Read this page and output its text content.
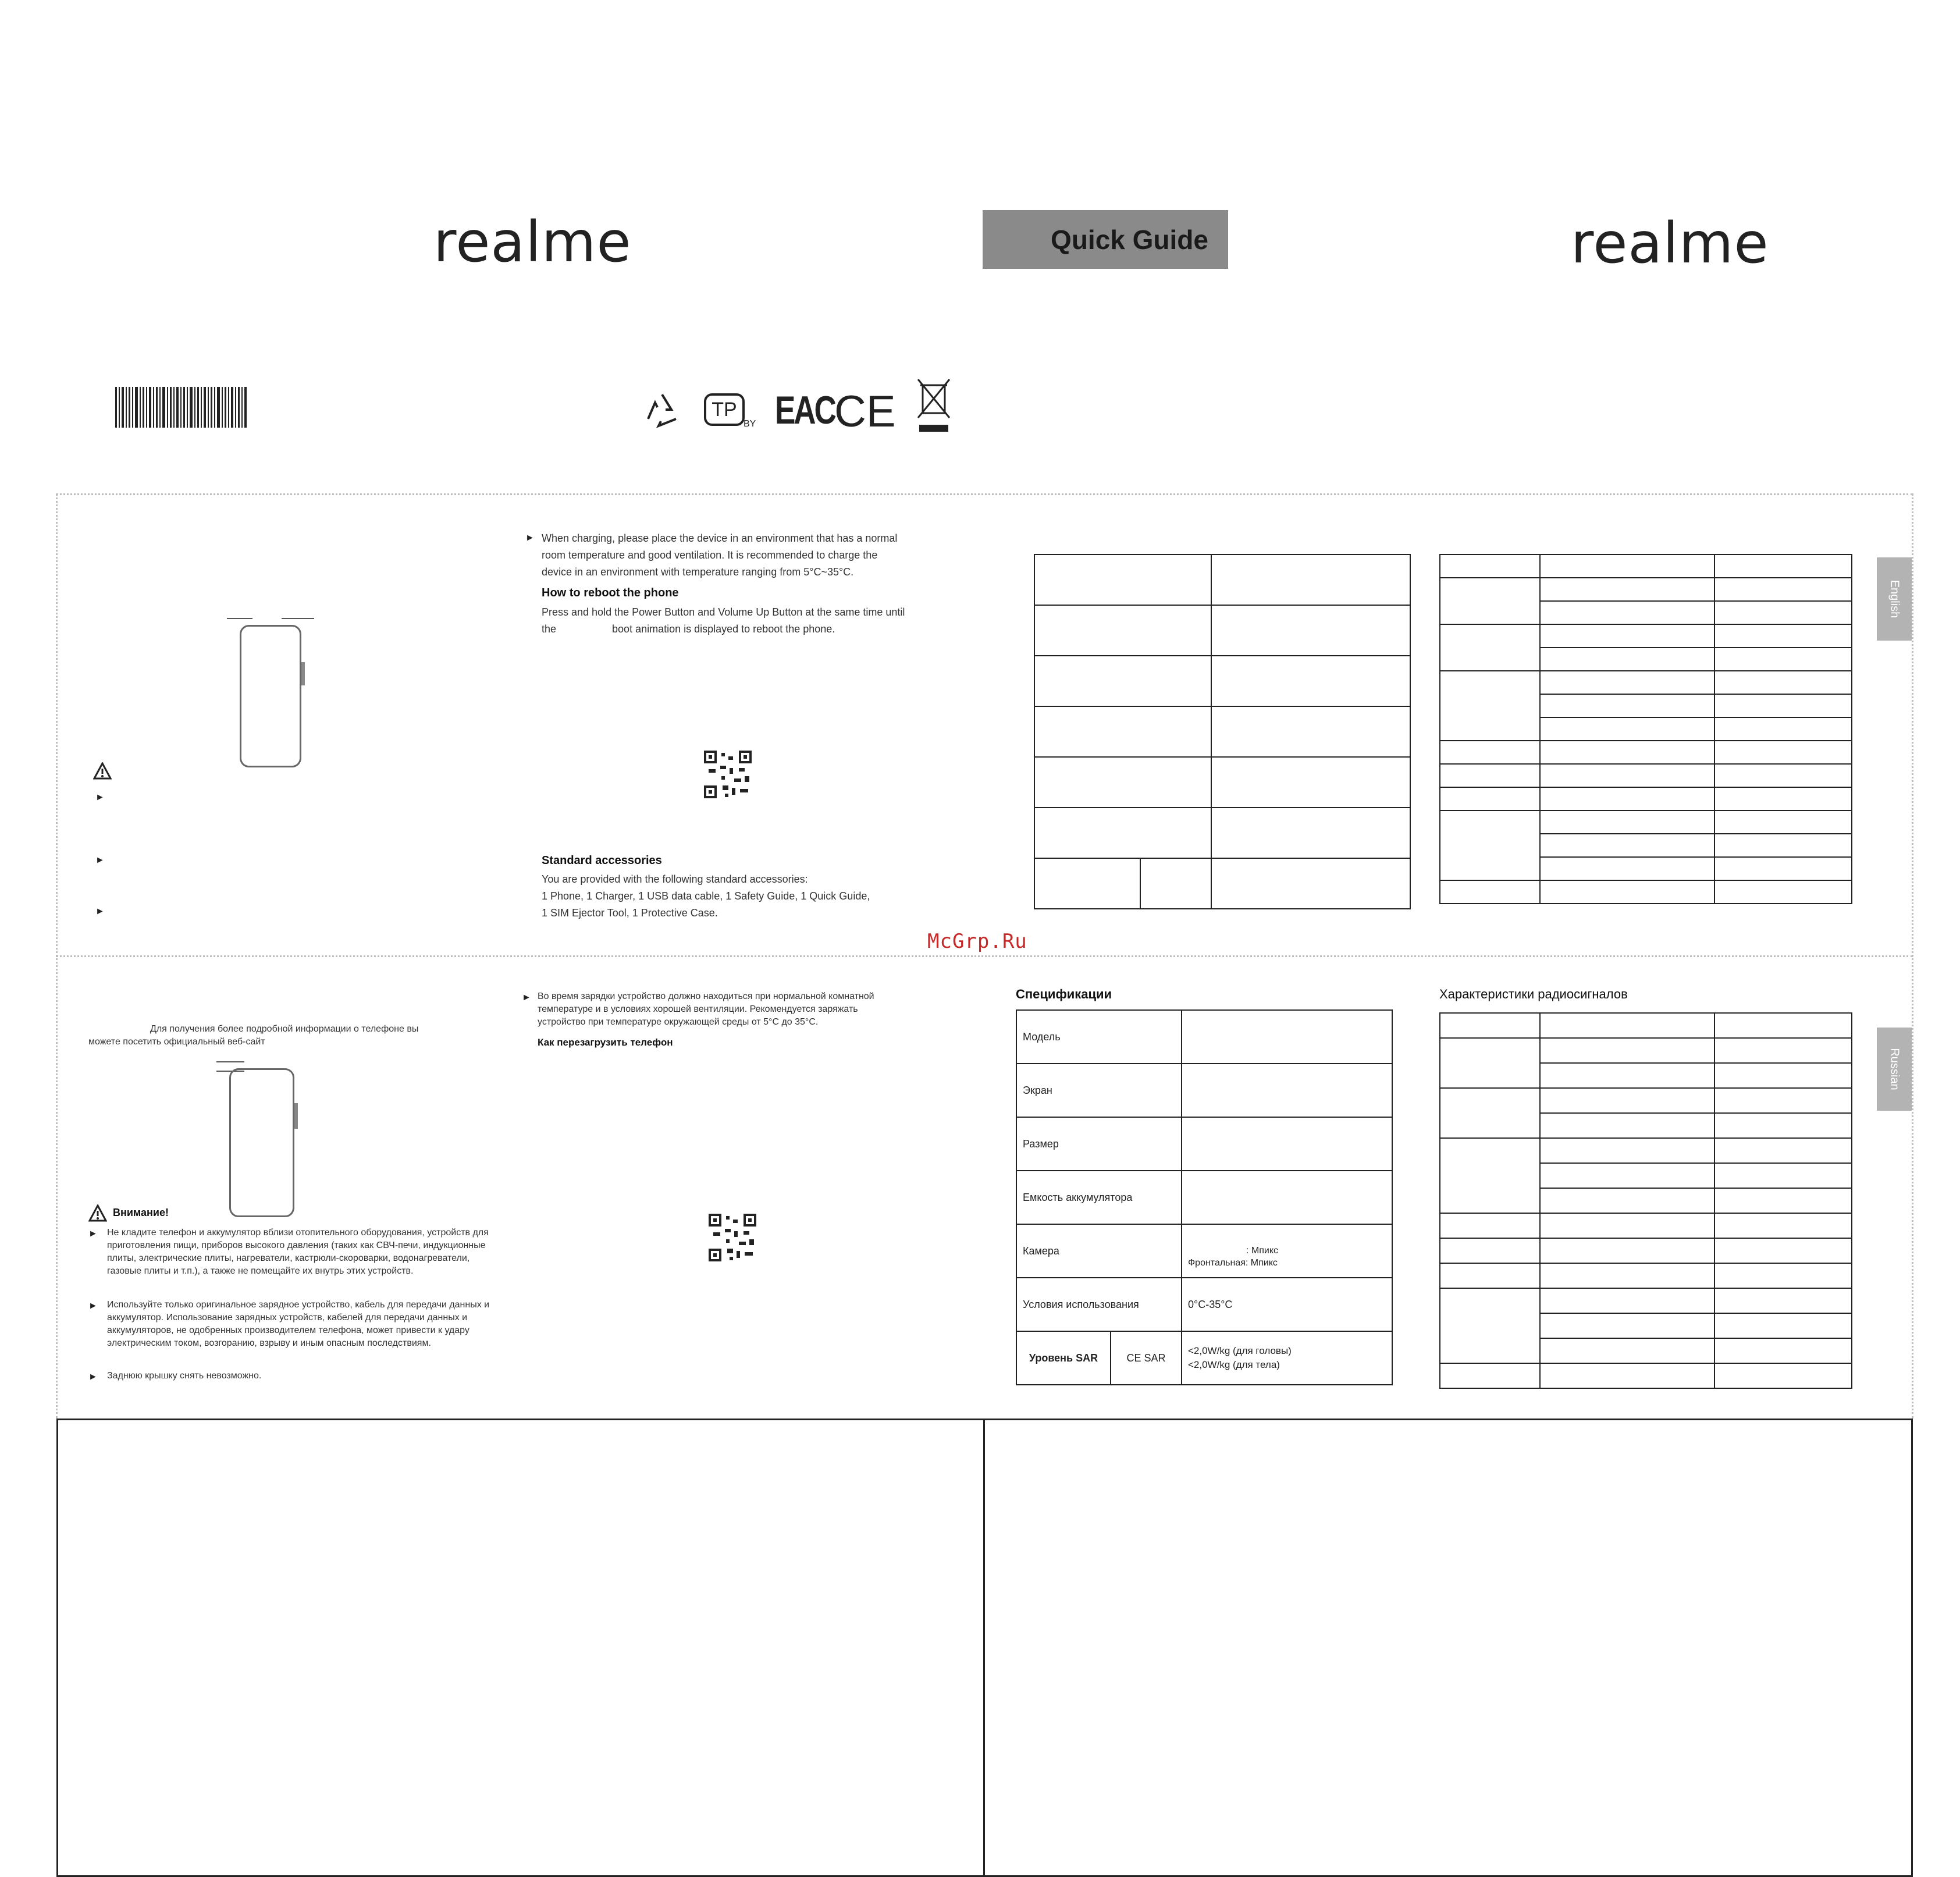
realme	Quick Guide	realme
TP
BY EAC CE
English
►
►
►
► When charging, please place the device in an environment that has a normal
room temperature and good ventilation. It is recommended to charge the
device in an environment with temperature ranging from 5°C~35°C.
How to reboot the phone
Press and hold the Power Button and Volume Up Button at the same time until
the	boot animation is displayed to reboot the phone.
Standard accessories
You are provided with the following standard accessories:
1 Phone, 1 Charger, 1 USB data cable, 1 Safety Guide, 1 Quick Guide,
1 SIM Ejector Tool, 1 Protective Case.

McGrp.Ru
Russian
Для получения более подробной информации о телефоне вы
можете посетить официальный веб-сайт
Внимание!
► Не кладите телефон и аккумулятор вблизи отопительного оборудования, устройств для приготовления пищи, приборов высокого давления (таких как СВЧ-печи, индукционные плиты, электрические плиты, нагреватели, кастрюли-скороварки, водонагреватели, газовые плиты и т.п.), а также не помещайте их внутрь этих устройств.
► Используйте только оригинальное зарядное устройство, кабель для передачи данных и аккумулятор. Использование зарядных устройств, кабелей для передачи данных и аккумуляторов, не одобренных производителем телефона, может привести к удару электрическим током, возгоранию, взрыву и иным опасным последствиям.
► Заднюю крышку снять невозможно.
► Во время зарядки устройство должно находиться при нормальной комнатной
температуре и в условиях хорошей вентиляции. Рекомендуется заряжать
устройство при температуре окружающей среды от 5°C до 35°C.
Как перезагрузить телефон
Спецификации
Модель		
Экран		
Размер		
Емкость аккумулятора		
Камера		: Мпикс
Фронтальная: Мпикс

Условия использования		0°C-35°C
Уровень SAR	CE SAR	<2,0W/kg (для головы)
<2,0W/kg (для тела)
Характеристики радиосигналов
